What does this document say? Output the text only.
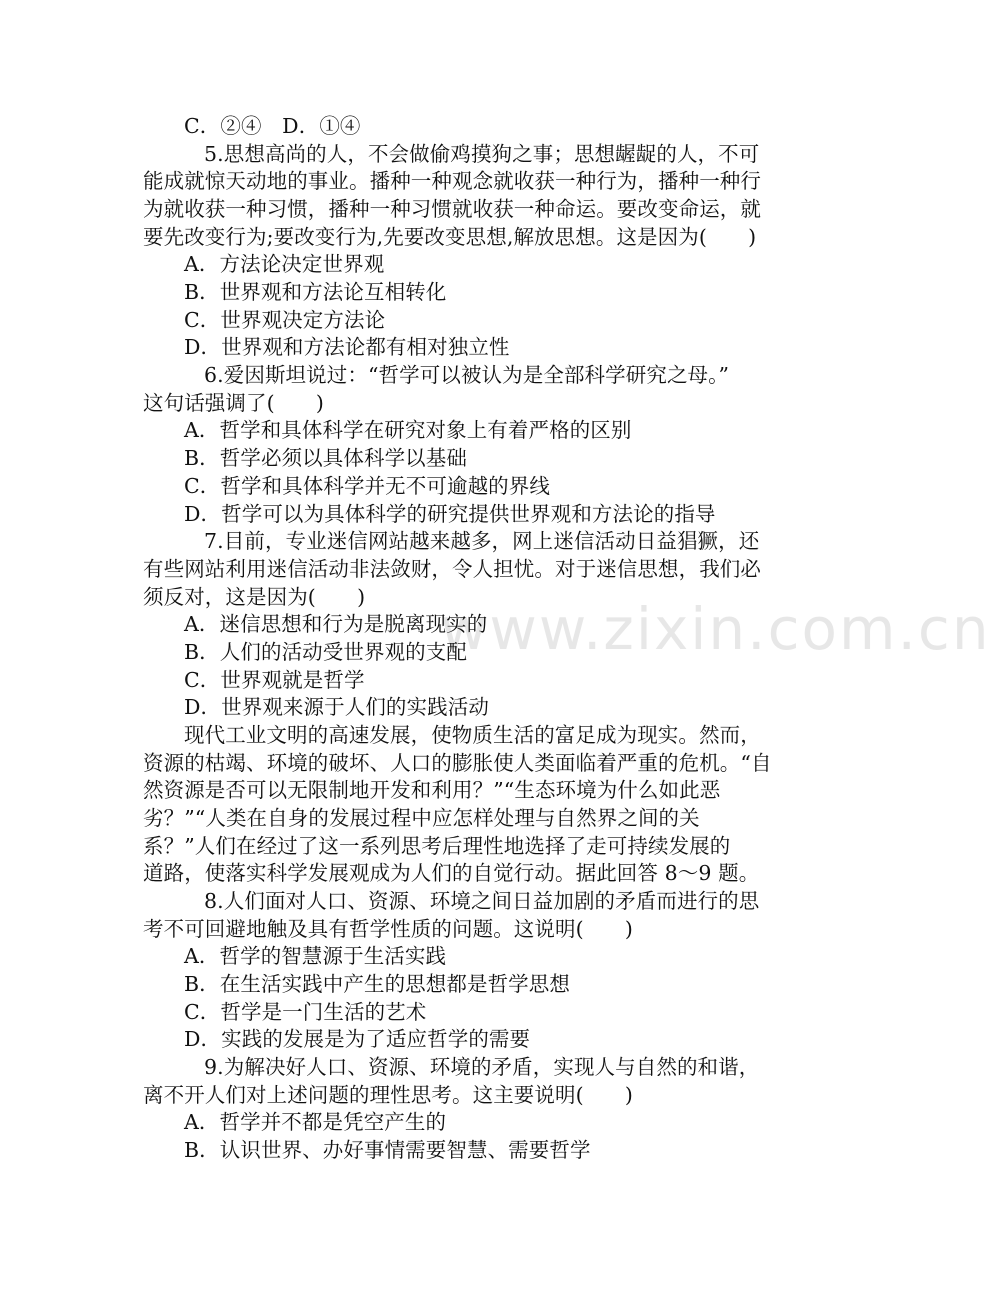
www.zixin.com.cn
C．②④　D．①④
5.思想高尚的人，不会做偷鸡摸狗之事；思想龌龊的人，不可
能成就惊天动地的事业。播种一种观念就收获一种行为，播种一种行
为就收获一种习惯，播种一种习惯就收获一种命运。要改变命运，就
要先改变行为;要改变行为,先要改变思想,解放思想。这是因为(　　)
A．方法论决定世界观
B．世界观和方法论互相转化
C．世界观决定方法论
D．世界观和方法论都有相对独立性
6.爱因斯坦说过：“哲学可以被认为是全部科学研究之母。”
这句话强调了(　　)
A．哲学和具体科学在研究对象上有着严格的区别
B．哲学必须以具体科学以基础
C．哲学和具体科学并无不可逾越的界线
D．哲学可以为具体科学的研究提供世界观和方法论的指导
7.目前，专业迷信网站越来越多，网上迷信活动日益猖獗，还
有些网站利用迷信活动非法敛财，令人担忧。对于迷信思想，我们必
须反对，这是因为(　　)
A．迷信思想和行为是脱离现实的
B．人们的活动受世界观的支配
C．世界观就是哲学
D．世界观来源于人们的实践活动
现代工业文明的高速发展，使物质生活的富足成为现实。然而，
资源的枯竭、环境的破坏、人口的膨胀使人类面临着严重的危机。“自
然资源是否可以无限制地开发和利用？”“生态环境为什么如此恶
劣？”“人类在自身的发展过程中应怎样处理与自然界之间的关
系？”人们在经过了这一系列思考后理性地选择了走可持续发展的
道路，使落实科学发展观成为人们的自觉行动。据此回答 8～9 题。
8.人们面对人口、资源、环境之间日益加剧的矛盾而进行的思
考不可回避地触及具有哲学性质的问题。这说明(　　)
A．哲学的智慧源于生活实践
B．在生活实践中产生的思想都是哲学思想
C．哲学是一门生活的艺术
D．实践的发展是为了适应哲学的需要
9.为解决好人口、资源、环境的矛盾，实现人与自然的和谐，
离不开人们对上述问题的理性思考。这主要说明(　　)
A．哲学并不都是凭空产生的
B．认识世界、办好事情需要智慧、需要哲学
